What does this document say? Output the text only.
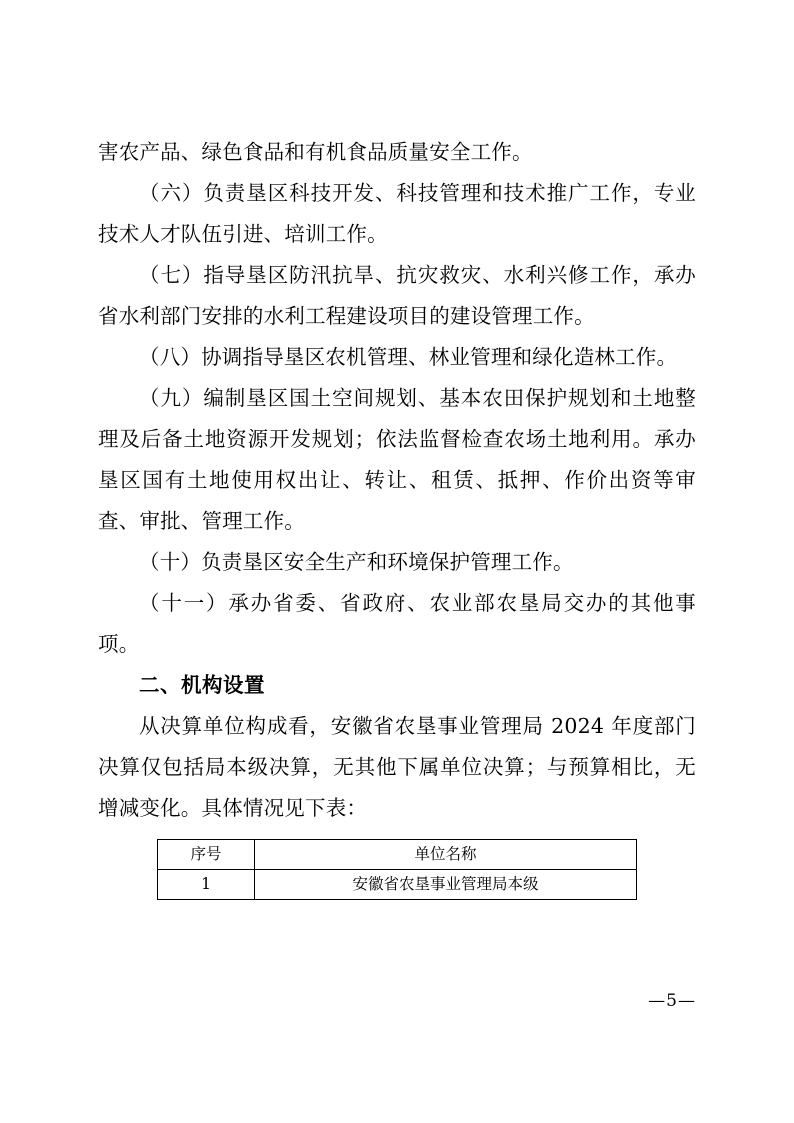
害农产品、绿色食品和有机食品质量安全工作。

（六）负责垦区科技开发、科技管理和技术推广工作，专业技术人才队伍引进、培训工作。

（七）指导垦区防汛抗旱、抗灾救灾、水利兴修工作，承办省水利部门安排的水利工程建设项目的建设管理工作。

（八）协调指导垦区农机管理、林业管理和绿化造林工作。

（九）编制垦区国土空间规划、基本农田保护规划和土地整理及后备土地资源开发规划；依法监督检查农场土地利用。承办垦区国有土地使用权出让、转让、租赁、抵押、作价出资等审查、审批、管理工作。

（十）负责垦区安全生产和环境保护管理工作。

（十一）承办省委、省政府、农业部农垦局交办的其他事项。

二、机构设置

从决算单位构成看，安徽省农垦事业管理局 2024 年度部门决算仅包括局本级决算，无其他下属单位决算；与预算相比，无增减变化。具体情况见下表：

序号	单位名称
1	安徽省农垦事业管理局本级
—5—
